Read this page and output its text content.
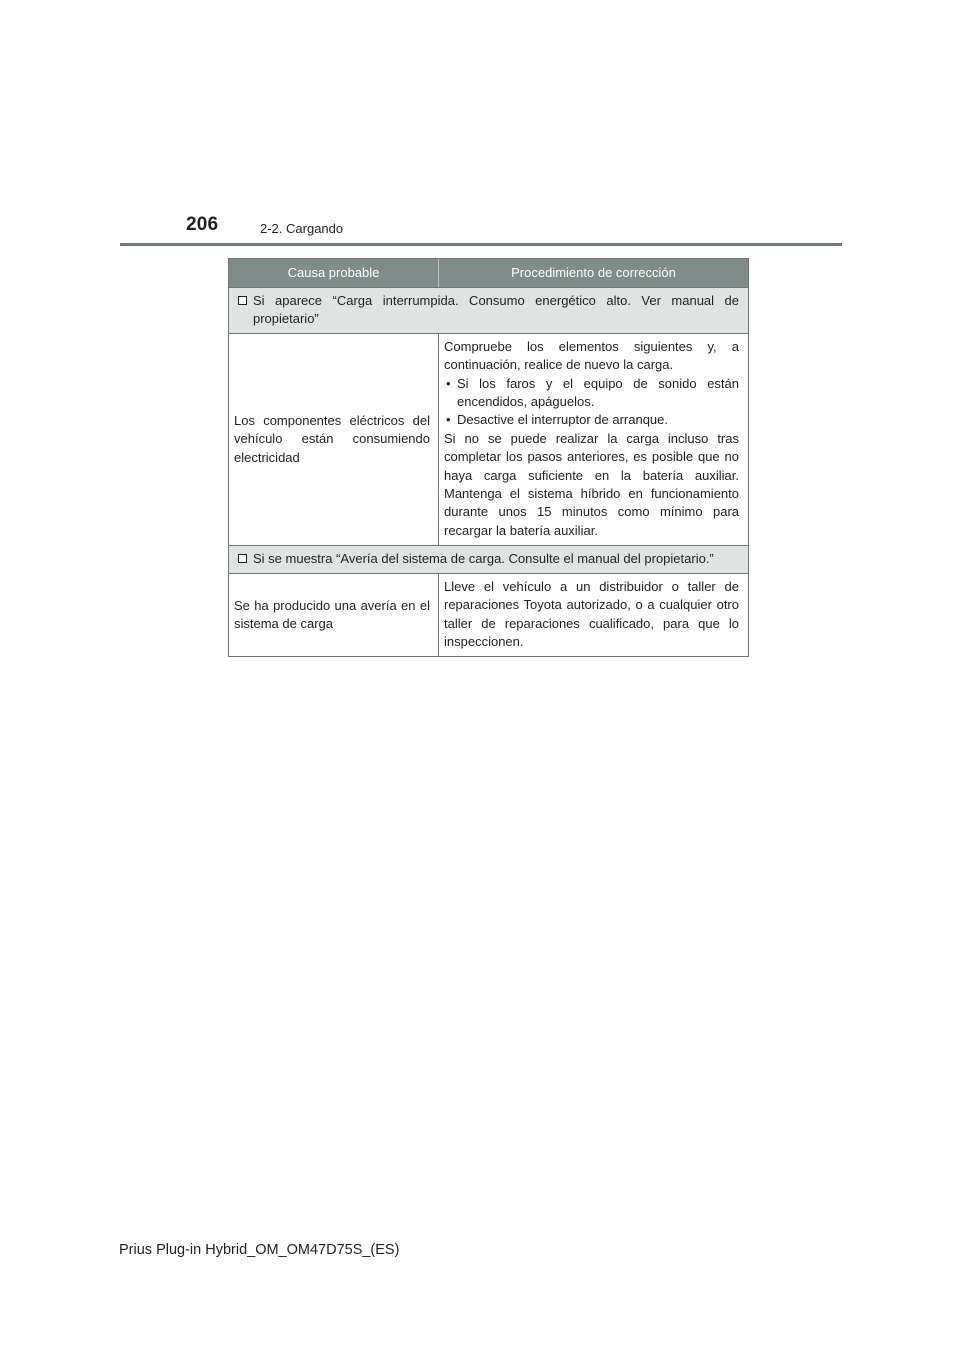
206	2-2. Cargando
Causa probable	Procedimiento de corrección
Si aparece “Carga interrumpida. Consumo energético alto. Ver manual de propietario”
Los componentes eléctricos del vehículo están consumiendo electricidad
Compruebe los elementos siguientes y, a continuación, realice de nuevo la carga.
• Si los faros y el equipo de sonido están encendidos, apáguelos.
• Desactive el interruptor de arranque.
Si no se puede realizar la carga incluso tras completar los pasos anteriores, es posible que no haya carga suficiente en la batería auxiliar. Mantenga el sistema híbrido en funcionamiento durante unos 15 minutos como mínimo para recargar la batería auxiliar.
Si se muestra “Avería del sistema de carga. Consulte el manual del propietario.”
Se ha producido una avería en el sistema de carga
Lleve el vehículo a un distribuidor o taller de reparaciones Toyota autorizado, o a cualquier otro taller de reparaciones cualificado, para que lo inspeccionen.
Prius Plug-in Hybrid_OM_OM47D75S_(ES)
